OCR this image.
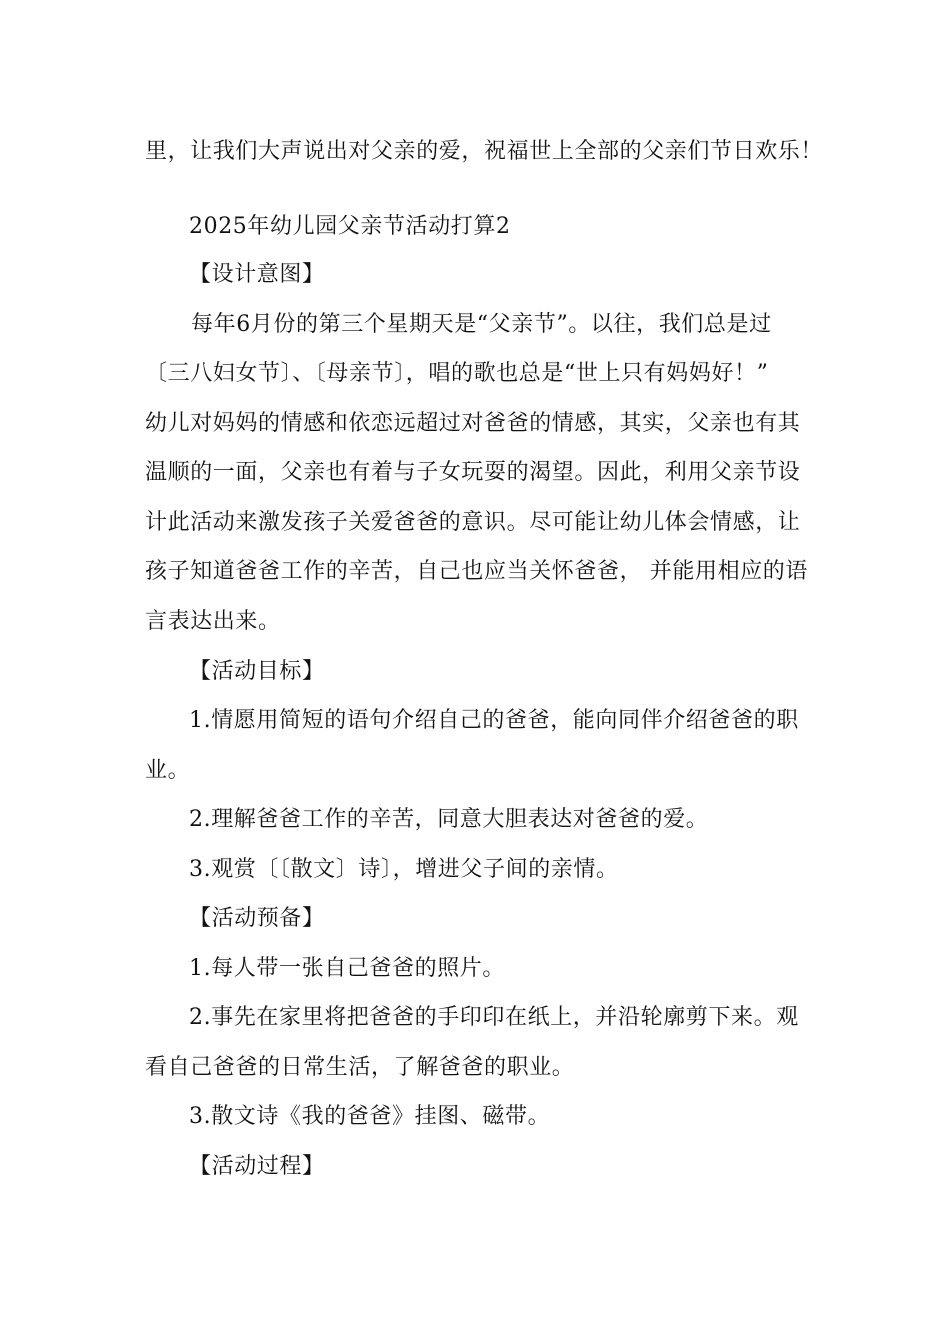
里，让我们大声说出对父亲的爱，祝福世上全部的父亲们节日欢乐！
2025年幼儿园父亲节活动打算2
【设计意图】
每年6月份的第三个星期天是“父亲节”。以往，我们总是过
〔三八妇女节〕、〔母亲节〕，唱的歌也总是“世上只有妈妈好！”
幼儿对妈妈的情感和依恋远超过对爸爸的情感，其实，父亲也有其
温顺的一面，父亲也有着与子女玩耍的渴望。因此，利用父亲节设
计此活动来激发孩子关爱爸爸的意识。尽可能让幼儿体会情感，让
孩子知道爸爸工作的辛苦，自己也应当关怀爸爸， 并能用相应的语
言表达出来。
【活动目标】
1.情愿用简短的语句介绍自己的爸爸，能向同伴介绍爸爸的职
业。
2.理解爸爸工作的辛苦，同意大胆表达对爸爸的爱。
3.观赏〔〔散文〕诗〕，增进父子间的亲情。
【活动预备】
1.每人带一张自己爸爸的照片。
2.事先在家里将把爸爸的手印印在纸上，并沿轮廓剪下来。观
看自己爸爸的日常生活，了解爸爸的职业。
3.散文诗《我的爸爸》挂图、磁带。
【活动过程】
